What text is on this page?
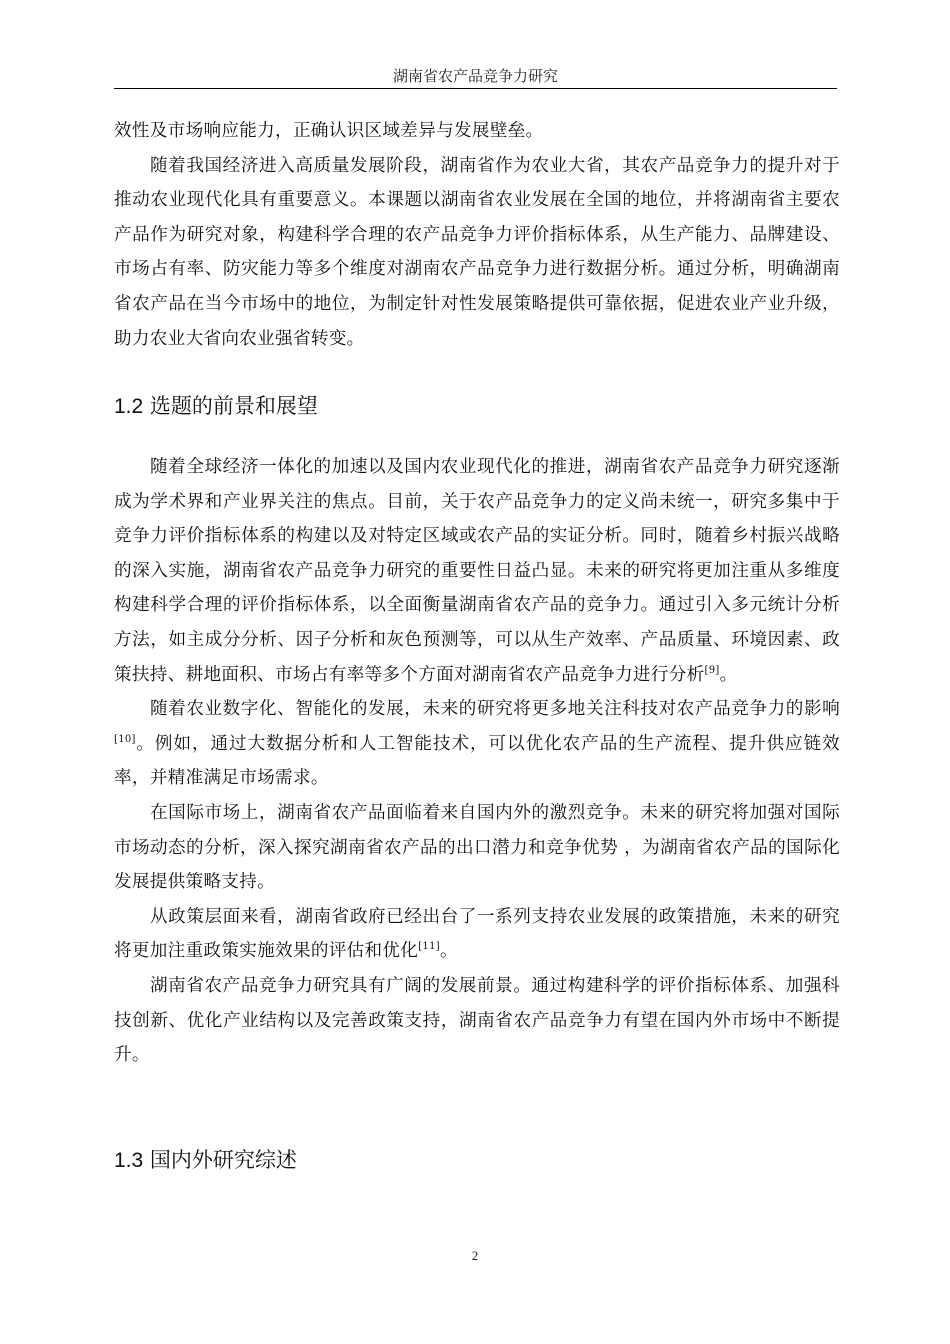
湖南省农产品竞争力研究

效性及市场响应能力，正确认识区域差异与发展壁垒。

随着我国经济进入高质量发展阶段，湖南省作为农业大省，其农产品竞争力的提升对于推动农业现代化具有重要意义。本课题以湖南省农业发展在全国的地位，并将湖南省主要农产品作为研究对象，构建科学合理的农产品竞争力评价指标体系，从生产能力、品牌建设、市场占有率、防灾能力等多个维度对湖南农产品竞争力进行数据分析。通过分析，明确湖南省农产品在当今市场中的地位，为制定针对性发展策略提供可靠依据，促进农业产业升级，助力农业大省向农业强省转变。

1.2 选题的前景和展望

随着全球经济一体化的加速以及国内农业现代化的推进，湖南省农产品竞争力研究逐渐成为学术界和产业界关注的焦点。目前，关于农产品竞争力的定义尚未统一，研究多集中于竞争力评价指标体系的构建以及对特定区域或农产品的实证分析。同时，随着乡村振兴战略的深入实施，湖南省农产品竞争力研究的重要性日益凸显。未来的研究将更加注重从多维度构建科学合理的评价指标体系，以全面衡量湖南省农产品的竞争力。通过引入多元统计分析方法，如主成分分析、因子分析和灰色预测等，可以从生产效率、产品质量、环境因素、政策扶持、耕地面积、市场占有率等多个方面对湖南省农产品竞争力进行分析[9]。

随着农业数字化、智能化的发展，未来的研究将更多地关注科技对农产品竞争力的影响[10]。例如，通过大数据分析和人工智能技术，可以优化农产品的生产流程、提升供应链效率，并精准满足市场需求。

在国际市场上，湖南省农产品面临着来自国内外的激烈竞争。未来的研究将加强对国际市场动态的分析，深入探究湖南省农产品的出口潜力和竞争优势 ，为湖南省农产品的国际化发展提供策略支持。

从政策层面来看，湖南省政府已经出台了一系列支持农业发展的政策措施，未来的研究将更加注重政策实施效果的评估和优化[11]。

湖南省农产品竞争力研究具有广阔的发展前景。通过构建科学的评价指标体系、加强科技创新、优化产业结构以及完善政策支持，湖南省农产品竞争力有望在国内外市场中不断提升。

1.3 国内外研究综述
2
